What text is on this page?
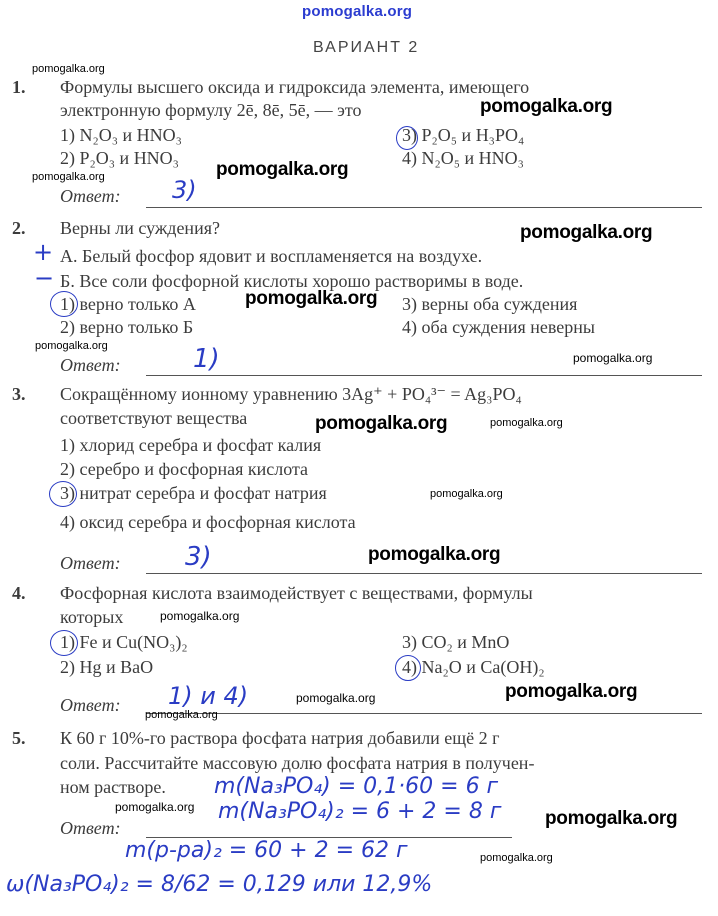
pomogalka.org
ВАРИАНТ 2
pomogalka.org
1. Формулы высшего оксида и гидроксида элемента, имеющего
электронную формулу 2ē, 8ē, 5ē, — это	pomogalka.org
1) N₂O₃ и HNO₃
2) P₂O₃ и HNO₃
3) P₂O₅ и H₃PO₄
4) N₂O₅ и HNO₃
pomogalka.org
pomogalka.org
Ответ: 3)
2. Верны ли суждения?	pomogalka.org
+ А. Белый фосфор ядовит и воспламеняется на воздухе.
− Б. Все соли фосфорной кислоты хорошо растворимы в воде.
1) верно только А
2) верно только Б
3) верны оба суждения
4) оба суждения неверны
pomogalka.org
pomogalka.org
Ответ:	1)	pomogalka.org
3. Сокращённому ионному уравнению 3Ag⁺ + PO₄³⁻ = Ag₃PO₄
соответствуют вещества	pomogalka.org	pomogalka.org
1) хлорид серебра и фосфат калия
2) серебро и фосфорная кислота
3) нитрат серебра и фосфат натрия	pomogalka.org
4) оксид серебра и фосфорная кислота
Ответ: 3)	pomogalka.org
4. Фосфорная кислота взаимодействует с веществами, формулы
которых	pomogalka.org
1) Fe и Cu(NO₃)₂
2) Hg и BaO
3) CO₂ и MnO
4) Na₂O и Ca(OH)₂
pomogalka.org
Ответ: 1) и 4)	pomogalka.org
pomogalka.org
5. К 60 г 10%-го раствора фосфата натрия добавили ещё 2 г
соли. Рассчитайте массовую долю фосфата натрия в получен-
ном растворе. m(Na₃PO₄) = 0,1·60 = 6 г
pomogalka.org m(Na₃PO₄)₂ = 6 + 2 = 8 г
Ответ:	pomogalka.org
m(р-ра)₂ = 60 + 2 = 62 г	pomogalka.org
ω(Na₃PO₄)₂ = 8/62 = 0,129 или 12,9%
